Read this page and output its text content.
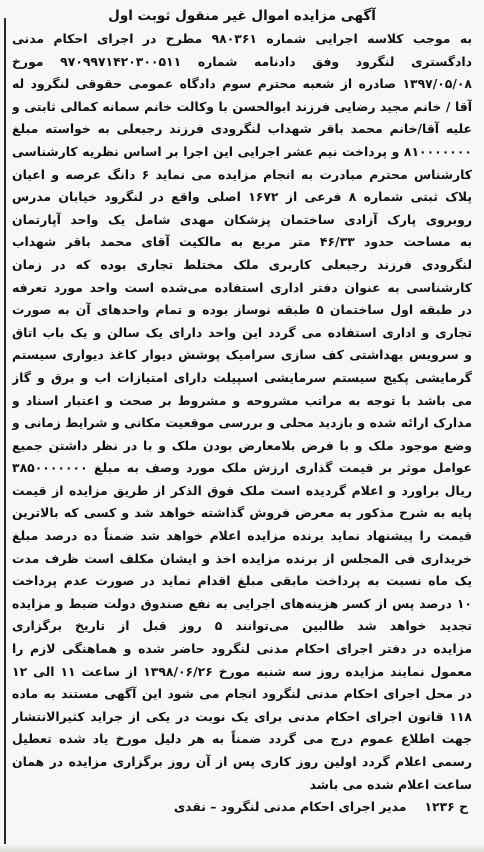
آگهی مزایده اموال غیر منقول ثوبت اول
به موجب کلاسه اجرایی شماره ۹۸۰۳۶۱ مطرح در اجرای احکام مدنی
دادگستری لنگرود وفق دادنامه شماره ۹۷۰۹۹۷۱۴۲۰۳۰۰۵۱۱ مورخ
۱۳۹۷/۰۵/۰۸ صادره از شعبه محترم سوم دادگاه عمومی حقوقی لنگرود له
آقا / خانم مجید رضایی فرزند ابوالحسن با وکالت خانم سمانه کمالی ثابتی و
علیه آقا/خانم محمد باقر شهداب لنگرودی فرزند رجبعلی به خواسته مبلغ
۸۱۰۰۰۰۰۰۰ و پرداخت نیم عشر اجرایی این اجرا بر اساس نظریه کارشناسی
کارشناس محترم مبادرت به انجام مزایده می نماید ۶ دانگ عرصه و اعیان
پلاک ثبتی شماره ۸ فرعی از ۱۶۷۲ اصلی واقع در لنگرود خیابان مدرس
روبروی پارک آزادی ساختمان پزشکان مهدی شامل یک واحد آپارتمان
به مساحت حدود ۴۶/۳۳ متر مربع به مالکیت آقای محمد باقر شهداب
لنگرودی فرزند رجبعلی کاربری ملک مختلط تجاری بوده که در زمان
کارشناسی به عنوان دفتر اداری استفاده می‌شده است واحد مورد تعرفه
در طبقه اول ساختمان ۵ طبقه نوساز بوده و تمام واحدهای آن به صورت
تجاری و اداری استفاده می گردد این واحد دارای یک سالن و یک باب اتاق
و سرویس بهداشتی کف سازی سرامیک پوشش دیوار کاغذ دیواری سیستم
گرمایشی پکیج سیستم سرمایشی اسپیلت دارای امتیازات اب و برق و گاز
می باشد با توجه به مراتب مشروحه و مشروط بر صحت و اعتبار اسناد و
مدارک ارائه شده و بازدید محلی و بررسی موقعیت مکانی و شرایط زمانی و
وضع موجود ملک و با فرض بلامعارض بودن ملک و با در نظر داشتن جمیع
عوامل موثر بر قیمت گذاری ارزش ملک مورد وصف به مبلغ ۳۸۵۰۰۰۰۰۰۰
ریال براورد و اعلام گردیده است ملک فوق الذکر از طریق مزایده از قیمت
پایه به شرح مذکور به معرض فروش گذاشته خواهد شد و کسی که بالاترین
قیمت را پیشنهاد نماید برنده مزایده اعلام خواهد شد ضمناً ده درصد مبلغ
خریداری فی المجلس از برنده مزایده اخذ و ایشان مکلف است ظرف مدت
یک ماه نسبت به پرداخت مابقی مبلغ اقدام نماید در صورت عدم پرداخت
۱۰ درصد پس از کسر هزینه‌های اجرایی به نفع صندوق دولت ضبط و مزایده
تجدید خواهد شد طالبین می‌توانند ۵ روز قبل از تاریخ برگزاری
مزایده در دفتر اجرای احکام مدنی لنگرود حاضر شده و هماهنگی لازم را
معمول نمایند مزایده روز سه شنبه مورخ ۱۳۹۸/۰۶/۲۶ از ساعت ۱۱ الی ۱۲
در محل اجرای احکام مدنی لنگرود انجام می شود این آگهی مستند به ماده
۱۱۸ قانون اجرای احکام مدنی برای یک نوبت در یکی از جراید کثیرالانتشار
جهت اطلاع عموم درج می گردد ضمناً به هر دلیل مورخ یاد شده تعطیل
رسمی اعلام گردد اولین روز کاری پس از آن روز برگزاری مزایده در همان
ساعت اعلام شده می باشد
ح ۱۲۳۶
مدیر اجرای احکام مدنی لنگرود – نقدی
